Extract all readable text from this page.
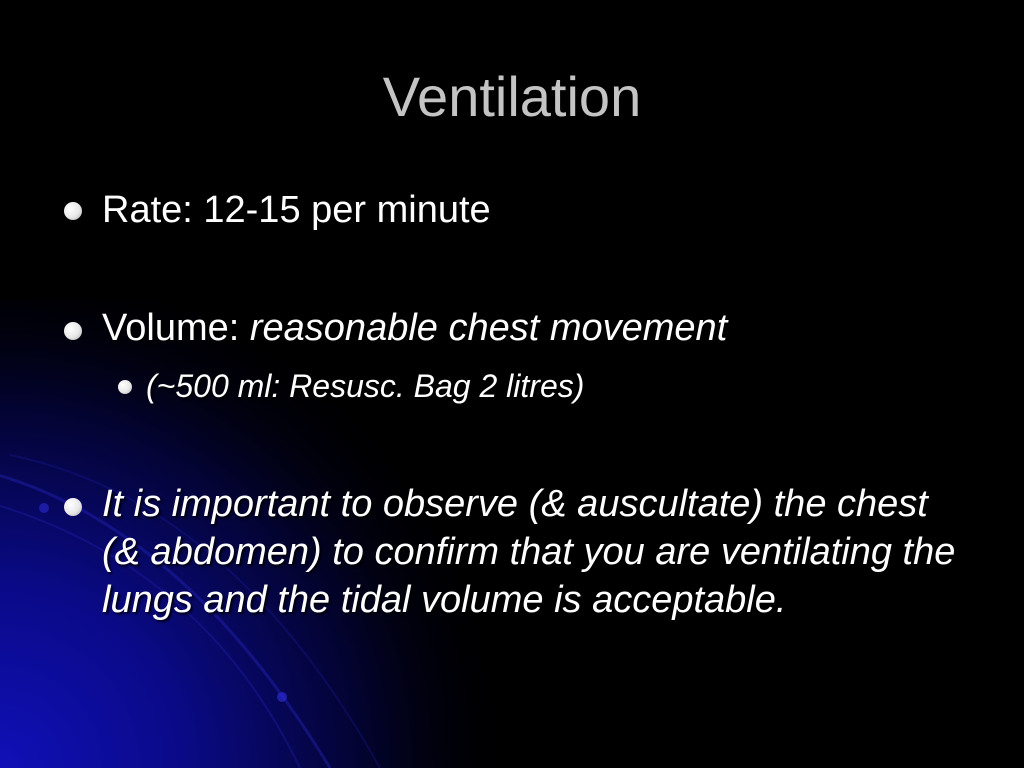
Ventilation
Rate: 12-15 per minute
Volume: reasonable chest movement
(~500 ml: Resusc. Bag 2 litres)
It is important to observe (& auscultate) the chest (& abdomen) to confirm that you are ventilating the lungs and the tidal volume is acceptable.
